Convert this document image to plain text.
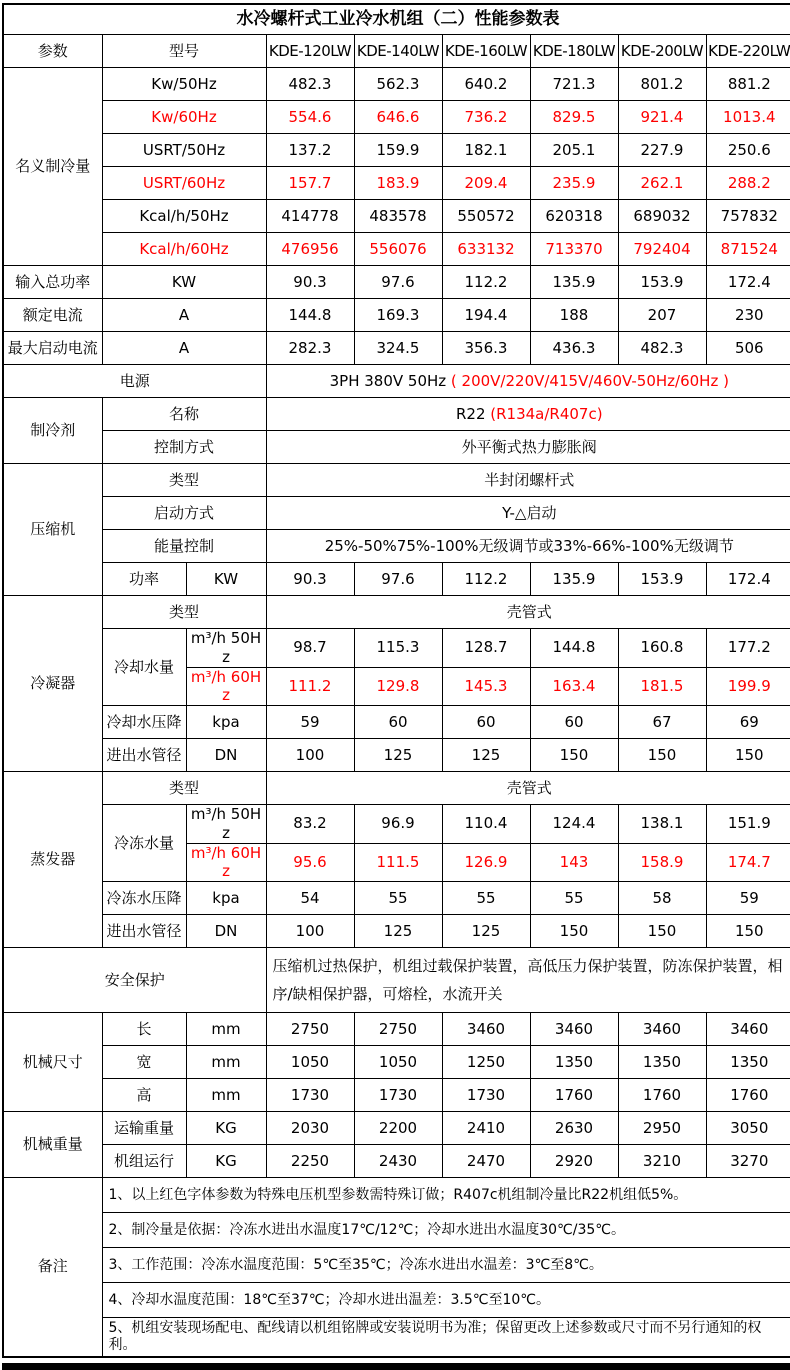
水冷螺杆式工业冷水机组（二）性能参数表								
参数	型号		KDE-120LW	KDE-140LW	KDE-160LW	KDE-180LW	KDE-200LW	KDE-220LW
名义制冷量	Kw/50Hz		482.3	562.3	640.2	721.3	801.2	881.2
	Kw/60Hz		554.6	646.6	736.2	829.5	921.4	1013.4
	USRT/50Hz		137.2	159.9	182.1	205.1	227.9	250.6
	USRT/60Hz		157.7	183.9	209.4	235.9	262.1	288.2
	Kcal/h/50Hz		414778	483578	550572	620318	689032	757832
	Kcal/h/60Hz		476956	556076	633132	713370	792404	871524
输入总功率	KW		90.3	97.6	112.2	135.9	153.9	172.4
额定电流	A		144.8	169.3	194.4	188	207	230
最大启动电流	A		282.3	324.5	356.3	436.3	482.3	506
电源			3PH 380V 50Hz ( 200V/220V/415V/460V-50Hz/60Hz )					
制冷剂	名称		R22 (R134a/R407c)					
	控制方式		外平衡式热力膨胀阀					
压缩机	类型		半封闭螺杆式					
	启动方式		Y-△启动					
	能量控制		25%-50%75%-100%无级调节或33%-66%-100%无级调节					
	功率	KW	90.3	97.6	112.2	135.9	153.9	172.4
冷凝器	类型		壳管式					
	冷却水量	m³/h 50Hz	98.7	115.3	128.7	144.8	160.8	177.2
		m³/h 60Hz	111.2	129.8	145.3	163.4	181.5	199.9
	冷却水压降	kpa	59	60	60	60	67	69
	进出水管径	DN	100	125	125	150	150	150
蒸发器	类型		壳管式					
	冷冻水量	m³/h 50Hz	83.2	96.9	110.4	124.4	138.1	151.9
		m³/h 60Hz	95.6	111.5	126.9	143	158.9	174.7
	冷冻水压降	kpa	54	55	55	55	58	59
	进出水管径	DN	100	125	125	150	150	150
安全保护			压缩机过热保护，机组过载保护装置，高低压力保护装置，防冻保护装置，相序/缺相保护器，可熔栓，水流开关					
机械尺寸	长	mm	2750	2750	3460	3460	3460	3460
	宽	mm	1050	1050	1250	1350	1350	1350
	高	mm	1730	1730	1730	1760	1760	1760
机械重量	运输重量	KG	2030	2200	2410	2630	2950	3050
	机组运行	KG	2250	2430	2470	2920	3210	3270
备注	1、以上红色字体参数为特殊电压机型参数需特殊订做；R407c机组制冷量比R22机组低5%。							
	2、制冷量是依据：冷冻水进出水温度17℃/12℃；冷却水进出水温度30℃/35℃。							
	3、工作范围：冷冻水温度范围：5℃至35℃；冷冻水进出水温差：3℃至8℃。							
	4、冷却水温度范围：18℃至37℃；冷却水进出温差：3.5℃至10℃。							
	5、机组安装现场配电、配线请以机组铭牌或安装说明书为准；保留更改上述参数或尺寸而不另行通知的权利。							
